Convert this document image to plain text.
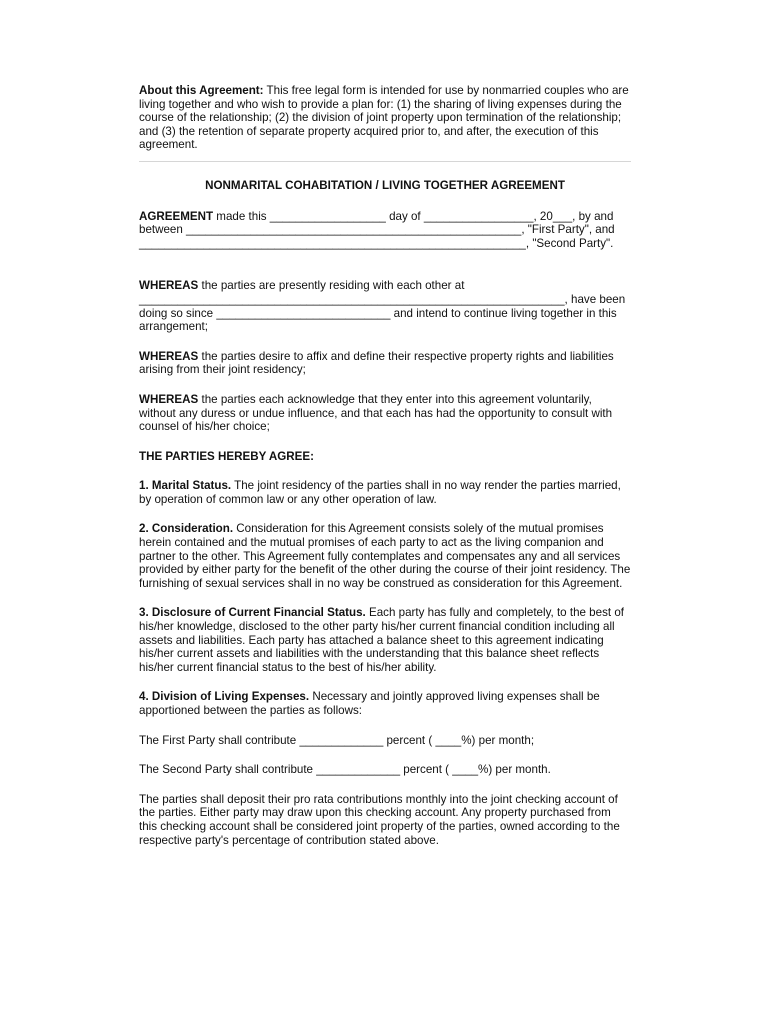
About this Agreement: This free legal form is intended for use by nonmarried couples who are living together and who wish to provide a plan for: (1) the sharing of living expenses during the course of the relationship; (2) the division of joint property upon termination of the relationship; and (3) the retention of separate property acquired prior to, and after, the execution of this agreement.

NONMARITAL COHABITATION / LIVING TOGETHER AGREEMENT

AGREEMENT made this __________________ day of _________________, 20___, by and
between ____________________________________________________, "First Party", and
____________________________________________________________, "Second Party".

WHEREAS the parties are presently residing with each other at
__________________________________________________________________, have been
doing so since ___________________________ and intend to continue living together in this
arrangement;

WHEREAS the parties desire to affix and define their respective property rights and liabilities arising from their joint residency;

WHEREAS the parties each acknowledge that they enter into this agreement voluntarily, without any duress or undue influence, and that each has had the opportunity to consult with counsel of his/her choice;

THE PARTIES HEREBY AGREE:

1. Marital Status. The joint residency of the parties shall in no way render the parties married, by operation of common law or any other operation of law.

2. Consideration. Consideration for this Agreement consists solely of the mutual promises herein contained and the mutual promises of each party to act as the living companion and partner to the other. This Agreement fully contemplates and compensates any and all services provided by either party for the benefit of the other during the course of their joint residency. The furnishing of sexual services shall in no way be construed as consideration for this Agreement.

3. Disclosure of Current Financial Status. Each party has fully and completely, to the best of his/her knowledge, disclosed to the other party his/her current financial condition including all assets and liabilities. Each party has attached a balance sheet to this agreement indicating his/her current assets and liabilities with the understanding that this balance sheet reflects his/her current financial status to the best of his/her ability.

4. Division of Living Expenses. Necessary and jointly approved living expenses shall be apportioned between the parties as follows:

The First Party shall contribute _____________ percent ( ____%) per month;

The Second Party shall contribute _____________ percent ( ____%) per month.

The parties shall deposit their pro rata contributions monthly into the joint checking account of the parties. Either party may draw upon this checking account. Any property purchased from this checking account shall be considered joint property of the parties, owned according to the respective party's percentage of contribution stated above.
